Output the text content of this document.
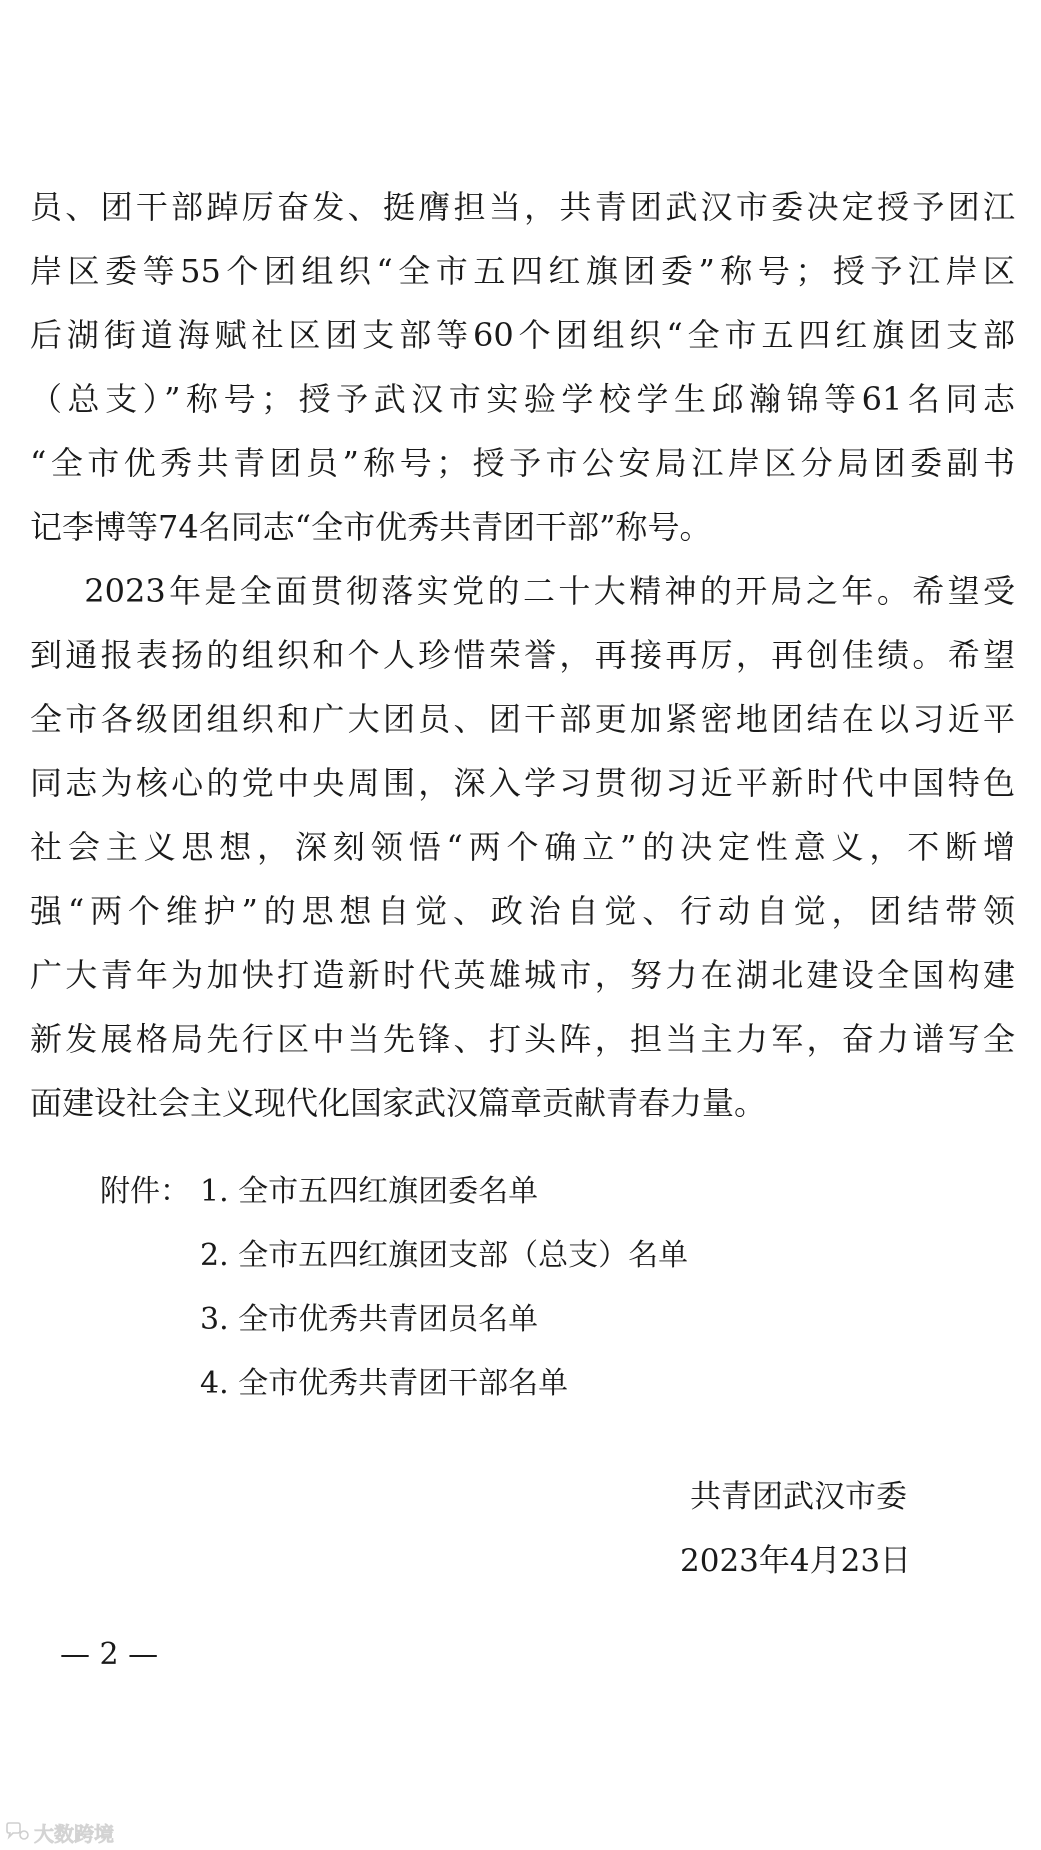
员、团干部踔厉奋发、挺膺担当，共青团武汉市委决定授予团江
岸区委等55个团组织“全市五四红旗团委”称号；授予江岸区
后湖街道海赋社区团支部等60个团组织“全市五四红旗团支部
（总支）”称号；授予武汉市实验学校学生邱瀚锦等61名同志
“全市优秀共青团员”称号；授予市公安局江岸区分局团委副书
记李博等74名同志“全市优秀共青团干部”称号。
2023年是全面贯彻落实党的二十大精神的开局之年。希望受
到通报表扬的组织和个人珍惜荣誉，再接再厉，再创佳绩。希望
全市各级团组织和广大团员、团干部更加紧密地团结在以习近平
同志为核心的党中央周围，深入学习贯彻习近平新时代中国特色
社会主义思想，深刻领悟“两个确立”的决定性意义，不断增
强“两个维护”的思想自觉、政治自觉、行动自觉，团结带领
广大青年为加快打造新时代英雄城市，努力在湖北建设全国构建
新发展格局先行区中当先锋、打头阵，担当主力军，奋力谱写全
面建设社会主义现代化国家武汉篇章贡献青春力量。
附件： 1. 全市五四红旗团委名单
2. 全市五四红旗团支部（总支）名单
3. 全市优秀共青团员名单
4. 全市优秀共青团干部名单
共青团武汉市委
2023年4月23日
— 2 —
大数跨境
